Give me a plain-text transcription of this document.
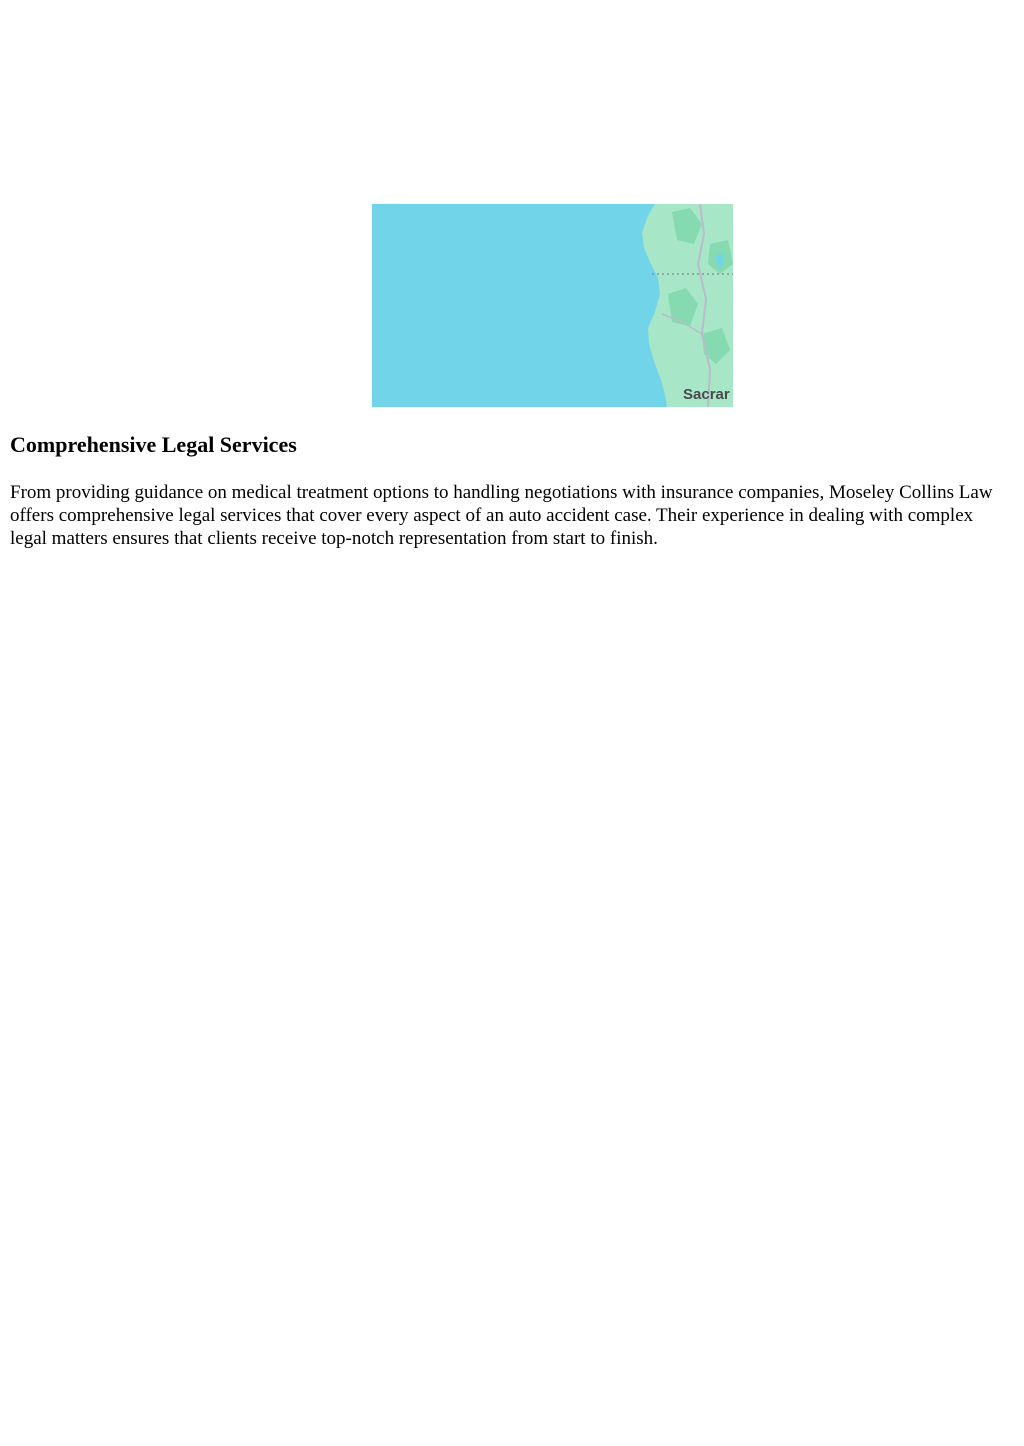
Sacrar
Comprehensive Legal Services

From providing guidance on medical treatment options to handling negotiations with insurance companies, Moseley Collins Law offers comprehensive legal services that cover every aspect of an auto accident case. Their experience in dealing with complex legal matters ensures that clients receive top-notch representation from start to finish.
